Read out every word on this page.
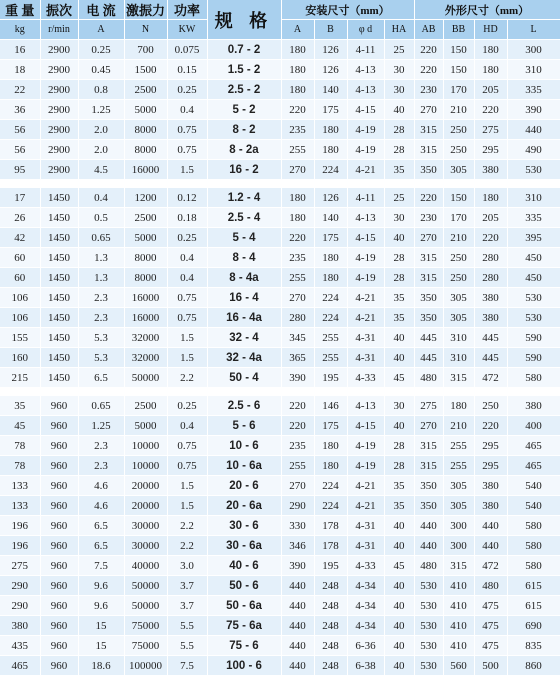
重 量	振次	电 流	激振力	功率	规 格	安装尺寸（mm）				外形尺寸（mm）			
kg	r/min	A	N	KW		A	B	φ d	HA	AB	BB	HD	L
16	2900	0.25	700	0.075	0.7 - 2	180	126	4-11	25	220	150	180	300
18	2900	0.45	1500	0.15	1.5 - 2	180	126	4-13	30	220	150	180	310
22	2900	0.8	2500	0.25	2.5 - 2	180	140	4-13	30	230	170	205	335
36	2900	1.25	5000	0.4	5 - 2	220	175	4-15	40	270	210	220	390
56	2900	2.0	8000	0.75	8 - 2	235	180	4-19	28	315	250	275	440
56	2900	2.0	8000	0.75	8 - 2a	255	180	4-19	28	315	250	295	490
95	2900	4.5	16000	1.5	16 - 2	270	224	4-21	35	350	305	380	530

17	1450	0.4	1200	0.12	1.2 - 4	180	126	4-11	25	220	150	180	310
26	1450	0.5	2500	0.18	2.5 - 4	180	140	4-13	30	230	170	205	335
42	1450	0.65	5000	0.25	5 - 4	220	175	4-15	40	270	210	220	395
60	1450	1.3	8000	0.4	8 - 4	235	180	4-19	28	315	250	280	450
60	1450	1.3	8000	0.4	8 - 4a	255	180	4-19	28	315	250	280	450
106	1450	2.3	16000	0.75	16 - 4	270	224	4-21	35	350	305	380	530
106	1450	2.3	16000	0.75	16 - 4a	280	224	4-21	35	350	305	380	530
155	1450	5.3	32000	1.5	32 - 4	345	255	4-31	40	445	310	445	590
160	1450	5.3	32000	1.5	32 - 4a	365	255	4-31	40	445	310	445	590
215	1450	6.5	50000	2.2	50 - 4	390	195	4-33	45	480	315	472	580

35	960	0.65	2500	0.25	2.5 - 6	220	146	4-13	30	275	180	250	380
45	960	1.25	5000	0.4	5 - 6	220	175	4-15	40	270	210	220	400
78	960	2.3	10000	0.75	10 - 6	235	180	4-19	28	315	255	295	465
78	960	2.3	10000	0.75	10 - 6a	255	180	4-19	28	315	255	295	465
133	960	4.6	20000	1.5	20 - 6	270	224	4-21	35	350	305	380	540
133	960	4.6	20000	1.5	20 - 6a	290	224	4-21	35	350	305	380	540
196	960	6.5	30000	2.2	30 - 6	330	178	4-31	40	440	300	440	580
196	960	6.5	30000	2.2	30 - 6a	346	178	4-31	40	440	300	440	580
275	960	7.5	40000	3.0	40 - 6	390	195	4-33	45	480	315	472	580
290	960	9.6	50000	3.7	50 - 6	440	248	4-34	40	530	410	480	615
290	960	9.6	50000	3.7	50 - 6a	440	248	4-34	40	530	410	475	615
380	960	15	75000	5.5	75 - 6a	440	248	4-34	40	530	410	475	690
435	960	15	75000	5.5	75 - 6	440	248	6-36	40	530	410	475	835
465	960	18.6	100000	7.5	100 - 6	440	248	6-38	40	530	560	500	860
